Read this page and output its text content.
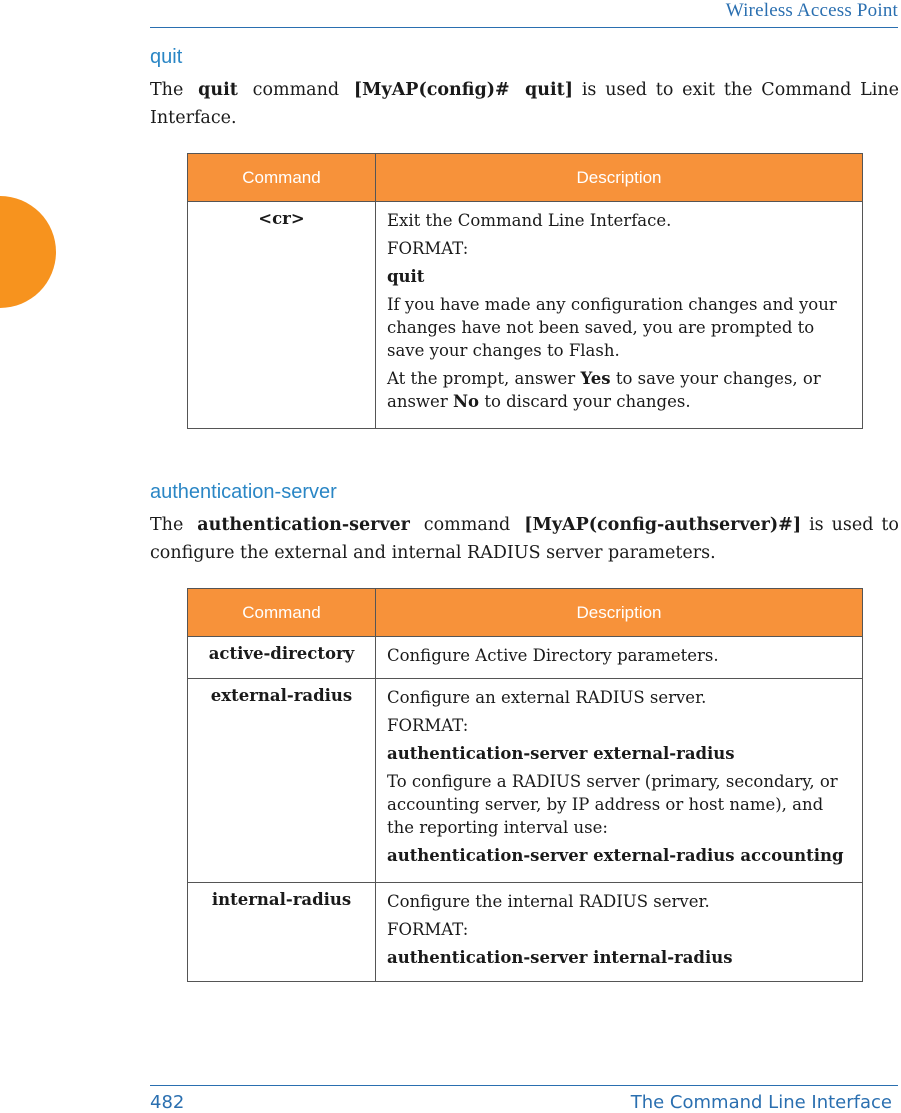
Wireless Access Point
quit

The quit command [MyAP(config)# quit] is used to exit the Command Line Interface.

Command	Description
<cr>	Exit the Command Line Interface.

FORMAT:

quit

If you have made any configuration changes and your changes have not been saved, you are prompted to save your changes to Flash.

At the prompt, answer Yes to save your changes, or answer No to discard your changes.

authentication-server

The authentication-server command [MyAP(config-authserver)#] is used to configure the external and internal RADIUS server parameters.

Command	Description
active-directory	Configure Active Directory parameters.

external-radius	Configure an external RADIUS server.

FORMAT:

authentication-server external-radius

To configure a RADIUS server (primary, secondary, or accounting server, by IP address or host name), and the reporting interval use:

authentication-server external-radius accounting

internal-radius	Configure the internal RADIUS server.

FORMAT:

authentication-server internal-radius

482	The Command Line Interface
